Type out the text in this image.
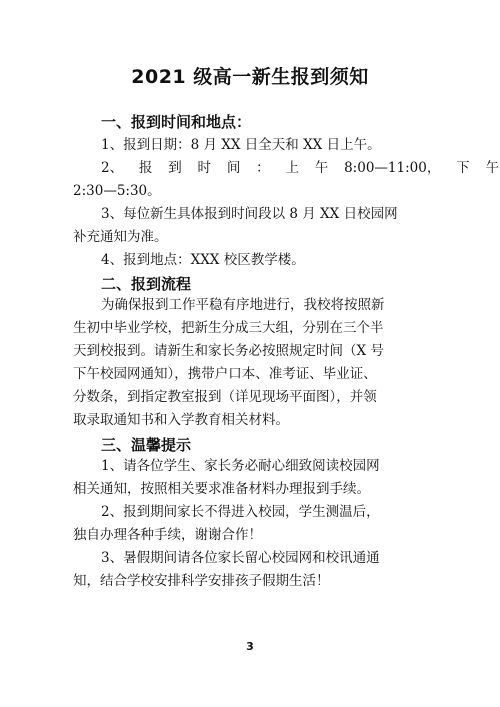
2021 级高一新生报到须知
一、报到时间和地点：
1、报到日期：8 月 XX 日全天和 XX 日上午。
2、 报 到 时 间 ： 上 午 8:00—11:00， 下 午
2:30—5:30。
3、每位新生具体报到时间段以 8 月 XX 日校园网
补充通知为准。
4、报到地点：XXX 校区教学楼。
二、报到流程
为确保报到工作平稳有序地进行，我校将按照新
生初中毕业学校，把新生分成三大组，分别在三个半
天到校报到。请新生和家长务必按照规定时间（X 号
下午校园网通知），携带户口本、准考证、毕业证、
分数条，到指定教室报到（详见现场平面图），并领
取录取通知书和入学教育相关材料。
三、温馨提示
1、请各位学生、家长务必耐心细致阅读校园网
相关通知，按照相关要求准备材料办理报到手续。
2、报到期间家长不得进入校园，学生测温后，
独自办理各种手续，谢谢合作！
3、暑假期间请各位家长留心校园网和校讯通通
知，结合学校安排科学安排孩子假期生活！
3
